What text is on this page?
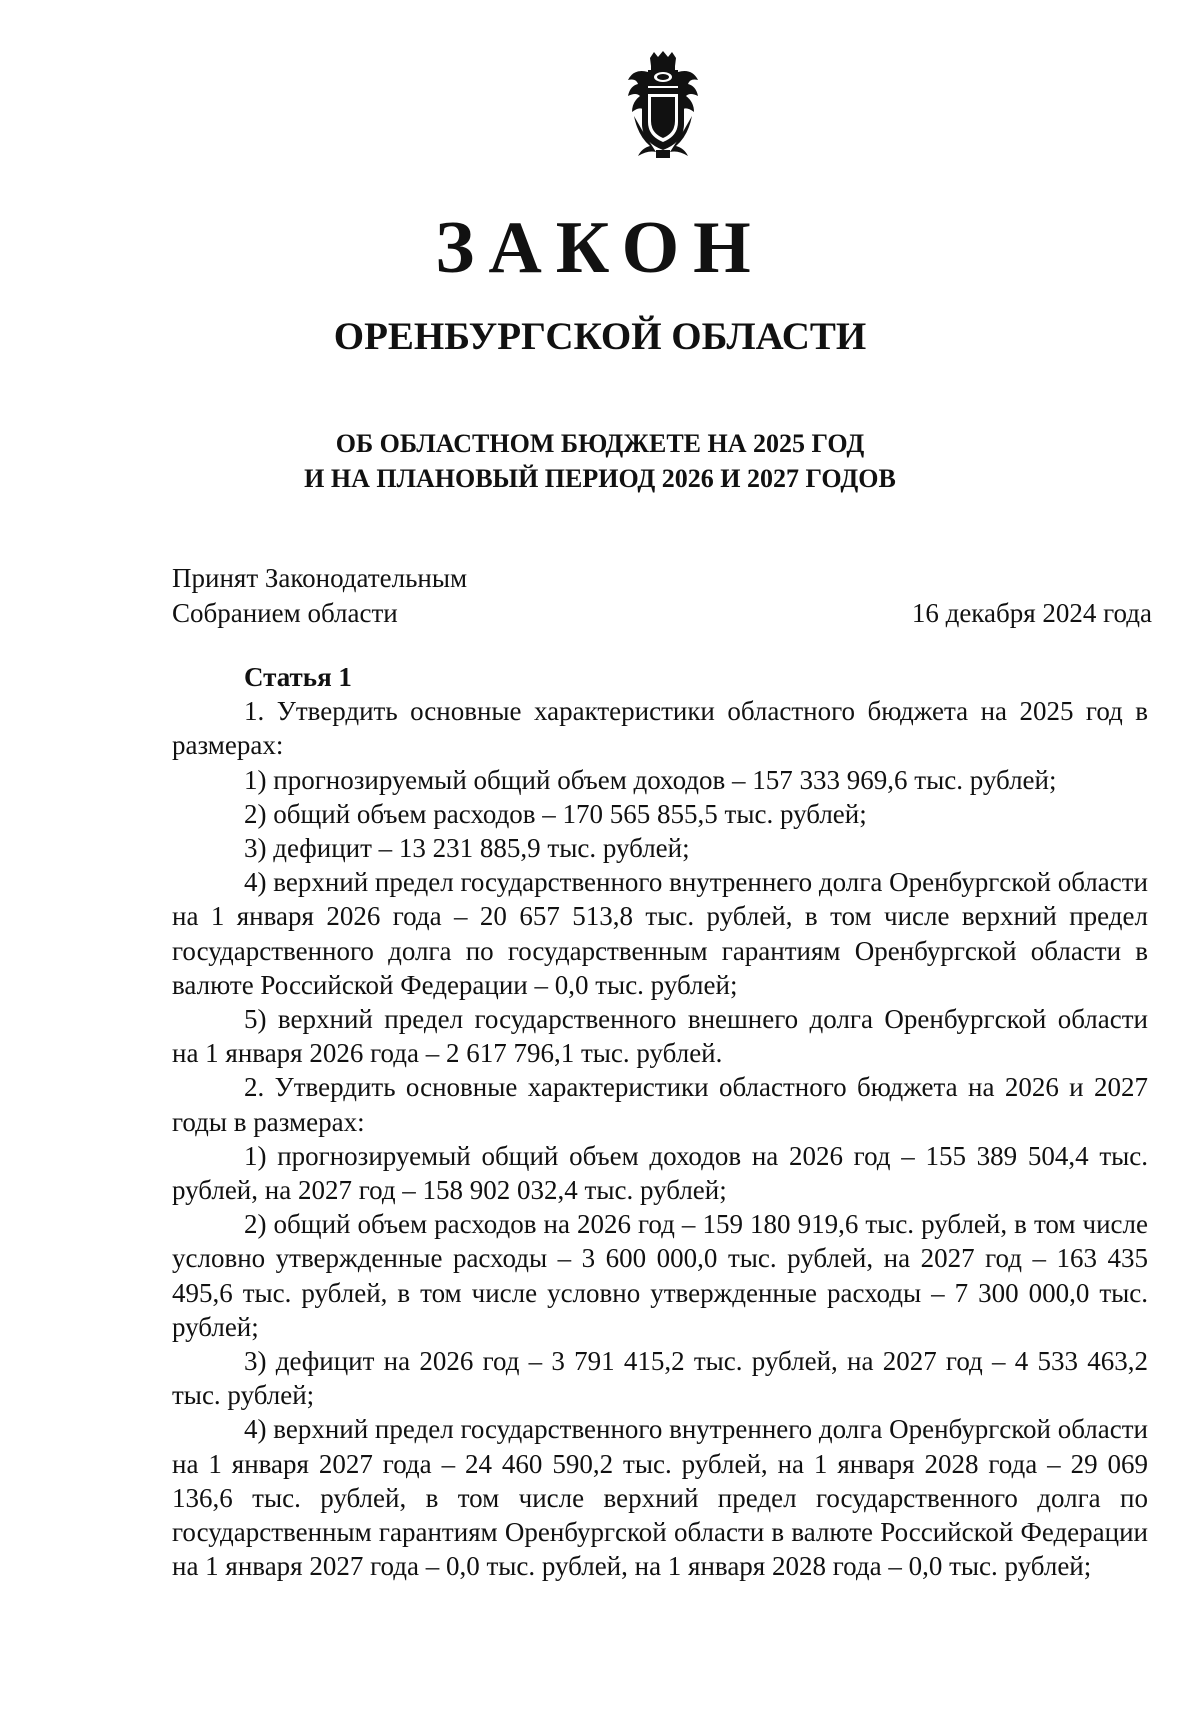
ЗАКОН
ОРЕНБУРГСКОЙ ОБЛАСТИ
ОБ ОБЛАСТНОМ БЮДЖЕТЕ НА 2025 ГОД
И НА ПЛАНОВЫЙ ПЕРИОД 2026 И 2027 ГОДОВ
Принят Законодательным
Собранием области	16 декабря 2024 года
Статья 1

1. Утвердить основные характеристики областного бюджета на 2025 год в размерах:

1) прогнозируемый общий объем доходов – 157 333 969,6 тыс. рублей;

2) общий объем расходов – 170 565 855,5 тыс. рублей;

3) дефицит – 13 231 885,9 тыс. рублей;

4) верхний предел государственного внутреннего долга Оренбургской области на 1 января 2026 года – 20 657 513,8 тыс. рублей, в том числе верхний предел государственного долга по государственным гарантиям Оренбургской области в валюте Российской Федерации – 0,0 тыс. рублей;

5) верхний предел государственного внешнего долга Оренбургской области на 1 января 2026 года – 2 617 796,1 тыс. рублей.

2. Утвердить основные характеристики областного бюджета на 2026 и 2027 годы в размерах:

1) прогнозируемый общий объем доходов на 2026 год – 155 389 504,4 тыс. рублей, на 2027 год – 158 902 032,4 тыс. рублей;

2) общий объем расходов на 2026 год – 159 180 919,6 тыс. рублей, в том числе условно утвержденные расходы – 3 600 000,0 тыс. рублей, на 2027 год – 163 435 495,6 тыс. рублей, в том числе условно утвержденные расходы – 7 300 000,0 тыс. рублей;

3) дефицит на 2026 год – 3 791 415,2 тыс. рублей, на 2027 год – 4 533 463,2 тыс. рублей;

4) верхний предел государственного внутреннего долга Оренбургской области на 1 января 2027 года – 24 460 590,2 тыс. рублей, на 1 января 2028 года – 29 069 136,6 тыс. рублей, в том числе верхний предел государственного долга по государственным гарантиям Оренбургской области в валюте Российской Федерации на 1 января 2027 года – 0,0 тыс. рублей, на 1 января 2028 года – 0,0 тыс. рублей;
